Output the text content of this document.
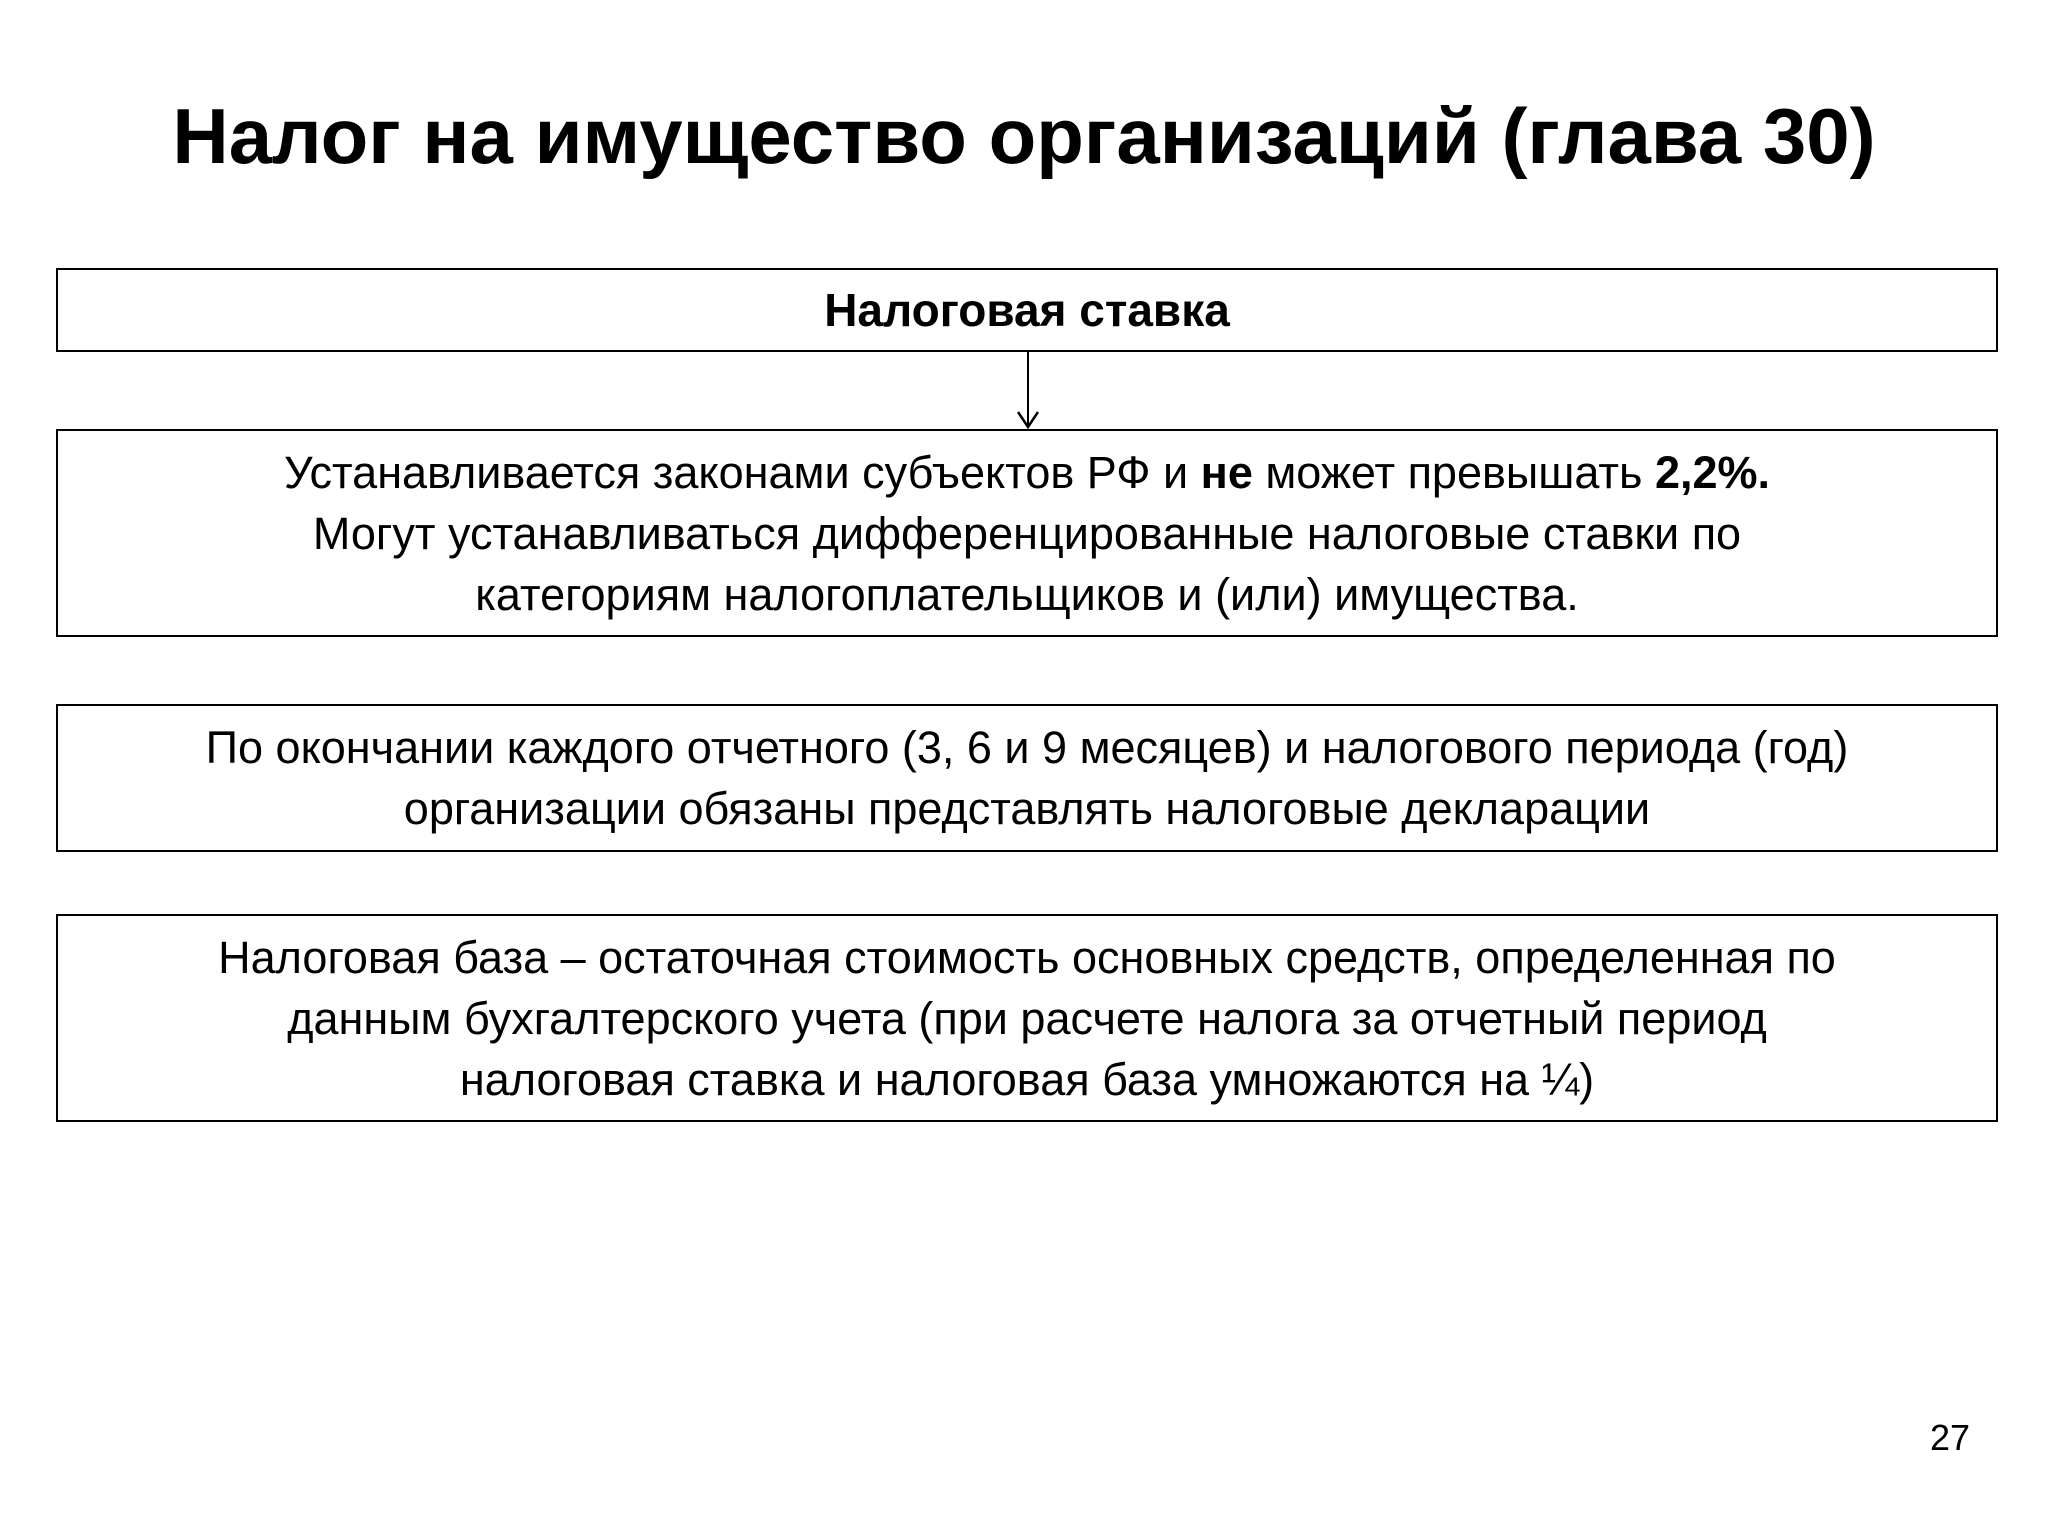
Налог на имущество организаций (глава 30)
Налоговая ставка
Устанавливается законами субъектов РФ и не может превышать 2,2%.
Могут устанавливаться дифференцированные налоговые ставки по
категориям налогоплательщиков и (или) имущества.
По окончании каждого отчетного (3, 6 и 9 месяцев) и налогового периода (год)
организации обязаны представлять налоговые декларации
Налоговая база – остаточная стоимость основных средств, определенная по
данным бухгалтерского учета (при расчете налога за отчетный период
налоговая ставка и налоговая база умножаются на ¼)
27
